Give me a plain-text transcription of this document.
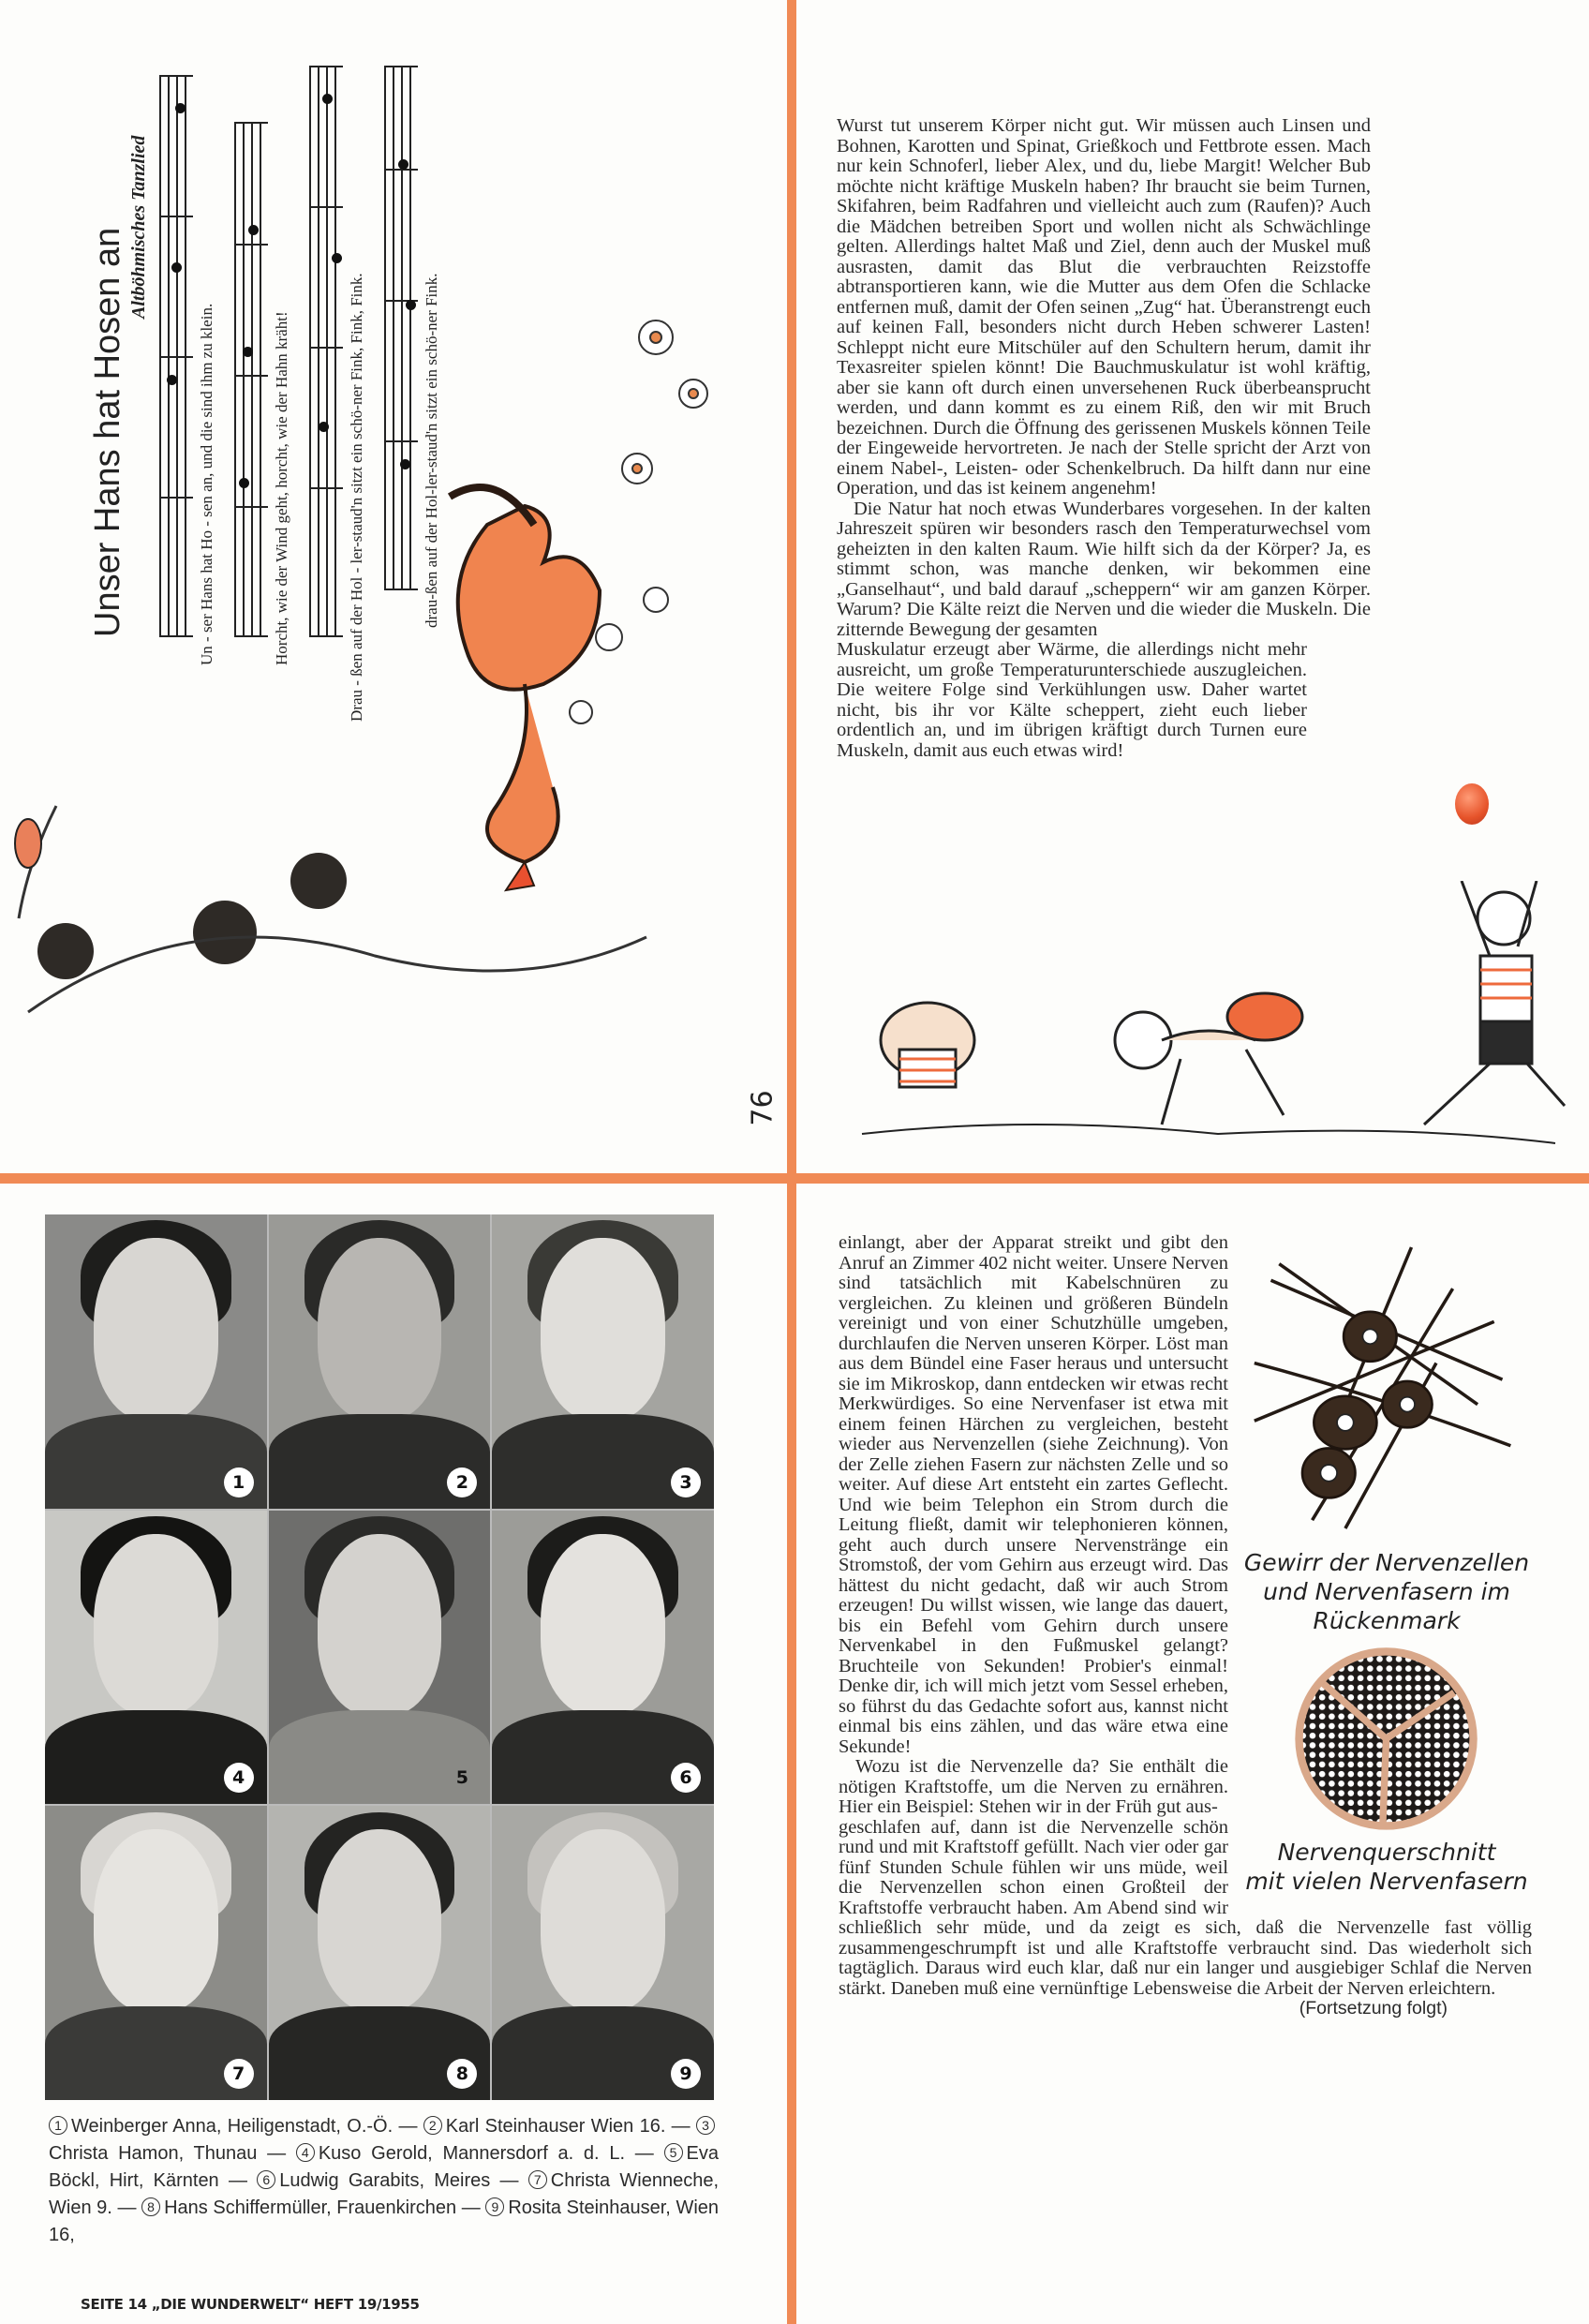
Unser Hans hat Hosen an
Altböhmisches Tanzlied
Un - ser Hans hat Ho - sen an, und die sind ihm zu klein.	Horcht, wie der Wind geht, horcht, wie der Hahn kräht!	Drau - ßen auf der Hol - ler-staud'n sitzt ein schö-ner Fink, Fink, Fink.	drau-ßen auf der Hol-ler-staud'n sitzt ein schö-ner Fink.
76

Wurst tut unserem Körper nicht gut. Wir müssen auch Linsen und Bohnen, Karotten und Spinat, Grießkoch und Fettbrote essen. Mach nur kein Schnoferl, lieber Alex, und du, liebe Margit! Welcher Bub möchte nicht kräftige Muskeln haben? Ihr braucht sie beim Turnen, Skifahren, beim Radfahren und vielleicht auch zum (Raufen)? Auch die Mädchen betreiben Sport und wollen nicht als Schwächlinge gelten. Allerdings haltet Maß und Ziel, denn auch der Muskel muß ausrasten, damit das Blut die verbrauchten Reizstoffe abtransportieren kann, wie die Mutter aus dem Ofen die Schlacke entfernen muß, damit der Ofen seinen „Zug“ hat. Überanstrengt euch auf keinen Fall, besonders nicht durch Heben schwerer Lasten! Schleppt nicht eure Mitschüler auf den Schultern herum, damit ihr Texasreiter spielen könnt! Die Bauchmuskulatur ist wohl kräftig, aber sie kann oft durch einen unversehenen Ruck überbeansprucht werden, und dann kommt es zu einem Riß, den wir mit Bruch bezeichnen. Durch die Öffnung des gerissenen Muskels können Teile der Eingeweide hervortreten. Je nach der Stelle spricht der Arzt von einem Nabel-, Leisten- oder Schenkelbruch. Da hilft dann nur eine Operation, und das ist keinem angenehm!

Die Natur hat noch etwas Wunderbares vorgesehen. In der kalten Jahreszeit spüren wir besonders rasch den Temperaturwechsel vom geheizten in den kalten Raum. Wie hilft sich da der Körper? Ja, es stimmt schon, was manche denken, wir bekommen eine „Ganselhaut“, und bald darauf „scheppern“ wir am ganzen Körper. Warum? Die Kälte reizt die Nerven und die wieder die Muskeln. Die zitternde Bewegung der gesamten

Muskulatur erzeugt aber Wärme, die allerdings nicht mehr ausreicht, um große Temperaturunterschiede auszugleichen. Die weitere Folge sind Verkühlungen usw. Daher wartet nicht, bis ihr vor Kälte scheppert, zieht euch lieber ordentlich an, und im übrigen kräftigt durch Turnen eure Muskeln, damit aus euch etwas wird!

1	2	3
4	5	6
7	8	9
1 Weinberger Anna, Heiligenstadt, O.-Ö. — 2 Karl Steinhauser Wien 16. — 3Christa Hamon, Thunau — 4 Kuso Gerold, Mannersdorf a. d. L. — 5 Eva Böckl, Hirt, Kärnten — 6 Ludwig Garabits, Meires — 7 Christa Wienneche, Wien 9. — 8 Hans Schiffermüller, Frauenkirchen — 9 Rosita Steinhauser, Wien 16,
SEITE 14 „DIE WUNDERWELT“ HEFT 19/1955
Gewirr der Nervenzellen
und Nervenfasern im
Rückenmark
Nervenquerschnitt
mit vielen Nervenfasern

einlangt, aber der Apparat streikt und gibt den Anruf an Zimmer 402 nicht weiter. Unsere Nerven sind tatsächlich mit Kabelschnüren zu vergleichen. Zu kleinen und größeren Bündeln vereinigt und von einer Schutzhülle umgeben, durchlaufen die Nerven unseren Körper. Löst man aus dem Bündel eine Faser heraus und untersucht sie im Mikroskop, dann entdecken wir etwas recht Merkwürdiges. So eine Nervenfaser ist etwa mit einem feinen Härchen zu vergleichen, besteht wieder aus Nervenzellen (siehe Zeichnung). Von der Zelle ziehen Fasern zur nächsten Zelle und so weiter. Auf diese Art entsteht ein zartes Geflecht. Und wie beim Telephon ein Strom durch die Leitung fließt, damit wir telephonieren können, geht auch durch unsere Nervenstränge ein Stromstoß, der vom Gehirn aus erzeugt wird. Das hättest du nicht gedacht, daß wir auch Strom erzeugen! Du willst wissen, wie lange das dauert, bis ein Befehl vom Gehirn durch unsere Nervenkabel in den Fußmuskel gelangt? Bruchteile von Sekunden! Probier's einmal! Denke dir, ich will mich jetzt vom Sessel erheben, so führst du das Gedachte sofort aus, kannst nicht einmal bis eins zählen, und das wäre etwa eine Sekunde!

Wozu ist die Nervenzelle da? Sie enthält die nötigen Kraftstoffe, um die Nerven zu ernähren. Hier ein Beispiel: Stehen wir in der Früh gut aus-

geschlafen auf, dann ist die Nervenzelle schön rund und mit Kraftstoff gefüllt. Nach vier oder gar fünf Stunden Schule fühlen wir uns müde, weil die Nervenzellen schon einen Großteil der Kraftstoffe verbraucht haben. Am Abend sind wir schließlich sehr müde, und da zeigt es sich, daß die Nervenzelle fast völlig zusammengeschrumpft ist und alle Kraftstoffe verbraucht sind. Das wiederholt sich tagtäglich. Daraus wird euch klar, daß nur ein langer und ausgiebiger Schlaf die Nerven stärkt. Daneben muß eine vernünftige Lebensweise die Arbeit der Nerven erleichtern.

(Fortsetzung folgt)
